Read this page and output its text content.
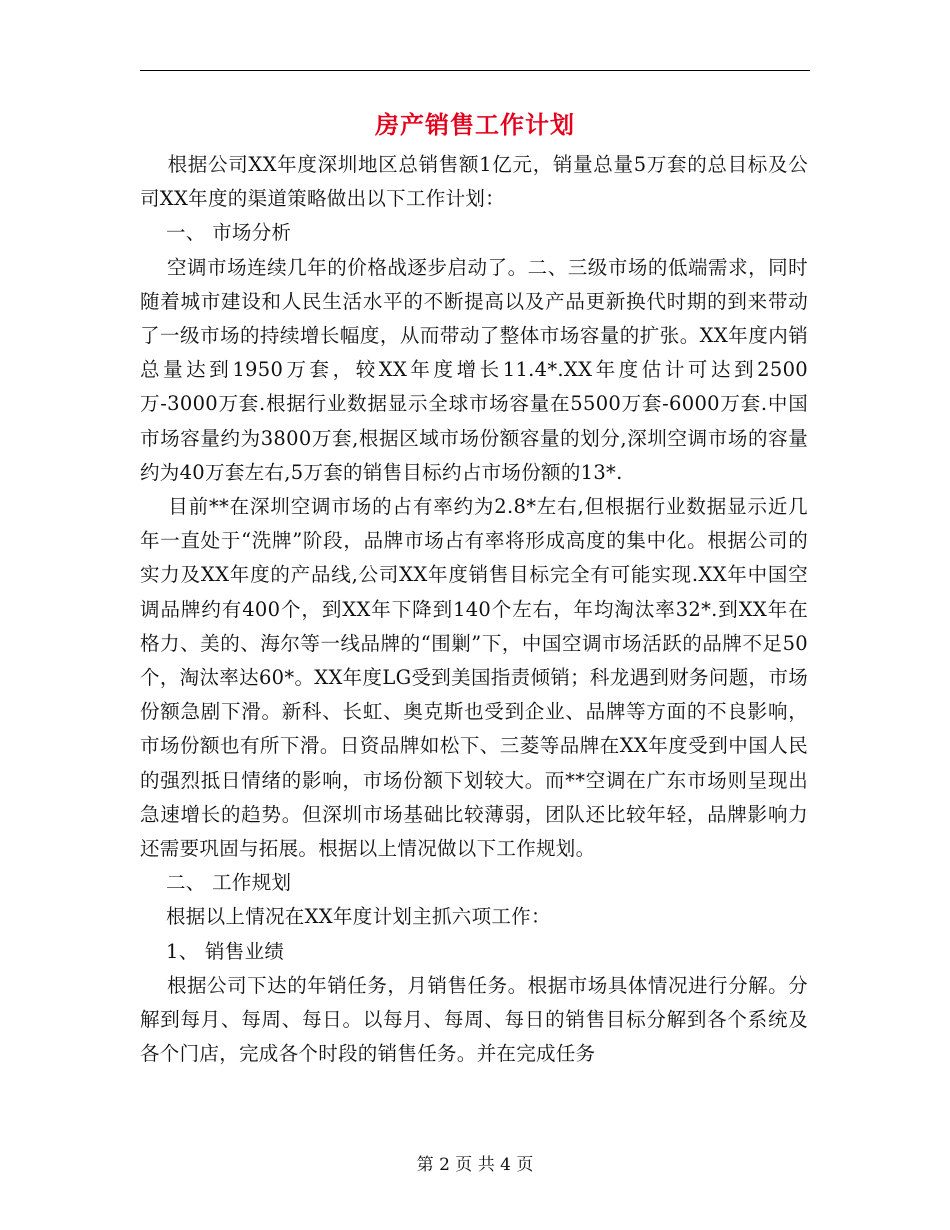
房产销售工作计划

根据公司XX年度深圳地区总销售额1亿元，销量总量5万套的总目标及公司XX年度的渠道策略做出以下工作计划：

一、 市场分析

空调市场连续几年的价格战逐步启动了。二、三级市场的低端需求，同时随着城市建设和人民生活水平的不断提高以及产品更新换代时期的到来带动了一级市场的持续增长幅度，从而带动了整体市场容量的扩张。XX年度内销总量达到1950万套，较XX年度增长11.4*.XX年度估计可达到2500万-3000万套.根据行业数据显示全球市场容量在5500万套-6000万套.中国市场容量约为3800万套,根据区域市场份额容量的划分,深圳空调市场的容量约为40万套左右,5万套的销售目标约占市场份额的13*.

目前**在深圳空调市场的占有率约为2.8*左右,但根据行业数据显示近几年一直处于“洗牌”阶段，品牌市场占有率将形成高度的集中化。根据公司的实力及XX年度的产品线,公司XX年度销售目标完全有可能实现.XX年中国空调品牌约有400个，到XX年下降到140个左右，年均淘汰率32*.到XX年在格力、美的、海尔等一线品牌的“围剿”下，中国空调市场活跃的品牌不足50个，淘汰率达60*。XX年度LG受到美国指责倾销；科龙遇到财务问题，市场份额急剧下滑。新科、长虹、奥克斯也受到企业、品牌等方面的不良影响，市场份额也有所下滑。日资品牌如松下、三菱等品牌在XX年度受到中国人民的强烈抵日情绪的影响，市场份额下划较大。而**空调在广东市场则呈现出急速增长的趋势。但深圳市场基础比较薄弱，团队还比较年轻，品牌影响力还需要巩固与拓展。根据以上情况做以下工作规划。

二、 工作规划

根据以上情况在XX年度计划主抓六项工作：

1、 销售业绩

根据公司下达的年销任务，月销售任务。根据市场具体情况进行分解。分解到每月、每周、每日。以每月、每周、每日的销售目标分解到各个系统及各个门店，完成各个时段的销售任务。并在完成任务

第 2 页 共 4 页
